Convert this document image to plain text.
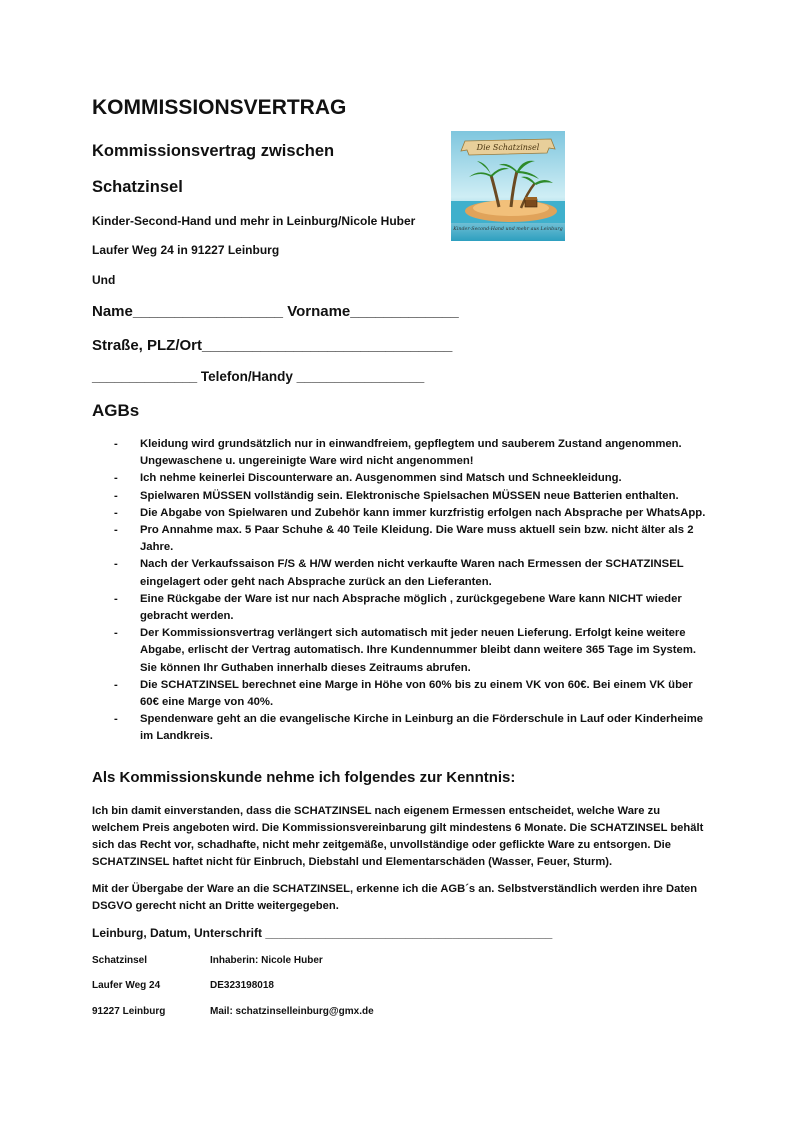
KOMMISSIONSVERTRAG
Kommissionsvertrag zwischen
Schatzinsel
Kinder-Second-Hand und mehr in Leinburg/Nicole Huber
Laufer Weg 24 in 91227 Leinburg
Und
Die Schatzinsel
Kinder-Second-Hand und mehr aus Leinburg
Name__________________ Vorname_____________
Straße, PLZ/Ort______________________________
______________ Telefon/Handy _________________
AGBs
- Kleidung wird grundsätzlich nur in einwandfreiem, gepflegtem und sauberem Zustand angenommen. Ungewaschene u. ungereinigte Ware wird nicht angenommen!
- Ich nehme keinerlei Discounterware an. Ausgenommen sind Matsch und Schneekleidung.
- Spielwaren MÜSSEN vollständig sein. Elektronische Spielsachen MÜSSEN neue Batterien enthalten.
- Die Abgabe von Spielwaren und Zubehör kann immer kurzfristig erfolgen nach Absprache per WhatsApp.
- Pro Annahme max. 5 Paar Schuhe & 40 Teile Kleidung. Die Ware muss aktuell sein bzw. nicht älter als 2 Jahre.
- Nach der Verkaufssaison F/S & H/W werden nicht verkaufte Waren nach Ermessen der SCHATZINSEL eingelagert oder geht nach Absprache zurück an den Lieferanten.
- Eine Rückgabe der Ware ist nur nach Absprache möglich , zurückgegebene Ware kann NICHT wieder gebracht werden.
- Der Kommissionsvertrag verlängert sich automatisch mit jeder neuen Lieferung. Erfolgt keine weitere Abgabe, erlischt der Vertrag automatisch. Ihre Kundennummer bleibt dann weitere 365 Tage im System. Sie können Ihr Guthaben innerhalb dieses Zeitraums abrufen.
- Die SCHATZINSEL berechnet eine Marge in Höhe von 60% bis zu einem VK von 60€. Bei einem VK über 60€ eine Marge von 40%.
- Spendenware geht an die evangelische Kirche in Leinburg an die Förderschule in Lauf oder Kinderheime im Landkreis.
Als Kommissionskunde nehme ich folgendes zur Kenntnis:
Ich bin damit einverstanden, dass die SCHATZINSEL nach eigenem Ermessen entscheidet, welche Ware zu welchem Preis angeboten wird. Die Kommissionsvereinbarung gilt mindestens 6 Monate. Die SCHATZINSEL behält sich das Recht vor, schadhafte, nicht mehr zeitgemäße, unvollständige oder geflickte Ware zu entsorgen. Die SCHATZINSEL haftet nicht für Einbruch, Diebstahl und Elementarschäden (Wasser, Feuer, Sturm).
Mit der Übergabe der Ware an die SCHATZINSEL, erkenne ich die AGB´s an. Selbstverständlich werden ihre Daten DSGVO gerecht nicht an Dritte weitergegeben.
Leinburg, Datum, Unterschrift ___________________________________________
Schatzinsel	Inhaberin: Nicole Huber
Laufer Weg 24	DE323198018
91227 Leinburg	Mail: schatzinselleinburg@gmx.de
